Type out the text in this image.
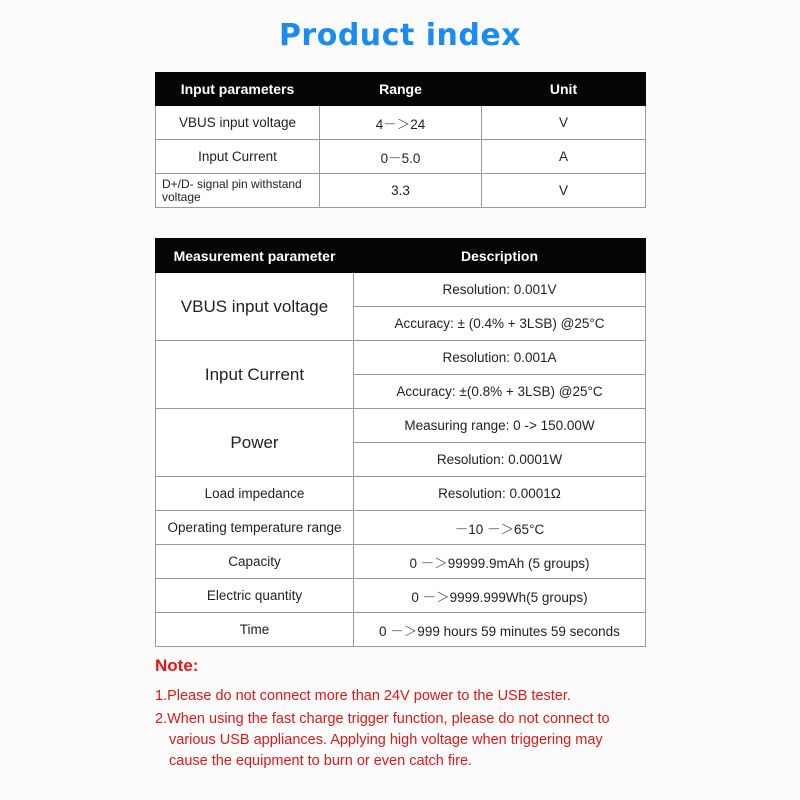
Product index
Input parameters	Range	Unit
VBUS input voltage	4－＞24	V
Input Current	0－5.0	A
D+/D- signal pin withstand voltage	3.3	V
Measurement parameter	Description
VBUS input voltage	Resolution: 0.001V
	Accuracy: ± (0.4% + 3LSB) @25°C
Input Current	Resolution: 0.001A
	Accuracy: ±(0.8% + 3LSB) @25°C
Power	Measuring range: 0 -> 150.00W
	Resolution: 0.0001W
Load impedance	Resolution: 0.0001Ω
Operating temperature range	－10 －＞65°C
Capacity	0 －＞99999.9mAh (5 groups)
Electric quantity	0 －＞9999.999Wh(5 groups)
Time	0 －＞999 hours 59 minutes 59 seconds
Note:
1.Please do not connect more than 24V power to the USB tester.
2.When using the fast charge trigger function, please do not connect to
various USB appliances. Applying high voltage when triggering may
cause the equipment to burn or even catch fire.
